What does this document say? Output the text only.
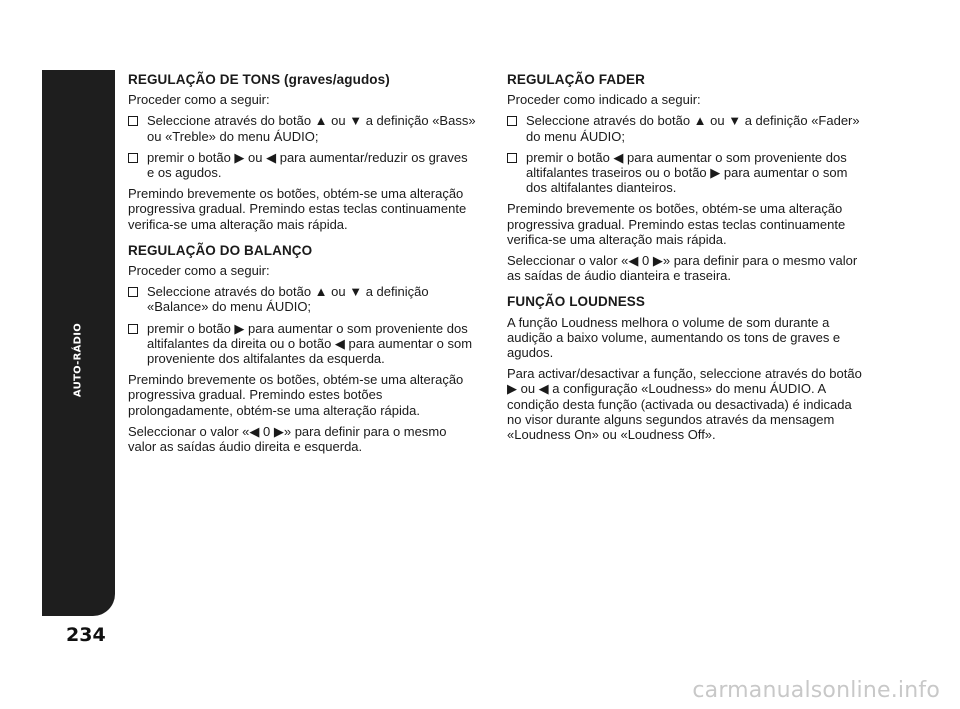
AUTO-RÁDIO
234
REGULAÇÃO DE TONS (graves/agudos)

Proceder como a seguir:

Seleccione através do botão ▲ ou ▼ a definição «Bass» ou «Treble» do menu ÁUDIO;
premir o botão ▶ ou ◀ para aumentar/reduzir os graves e os agudos.

Premindo brevemente os botões, obtém-se uma alteração progressiva gradual. Premindo estas teclas continuamente verifica-se uma alteração mais rápida.

REGULAÇÃO DO BALANÇO

Proceder como a seguir:

Seleccione através do botão ▲ ou ▼ a definição «Balance» do menu ÁUDIO;
premir o botão ▶ para aumentar o som proveniente dos altifalantes da direita ou o botão ◀ para aumentar o som proveniente dos altifalantes da esquerda.

Premindo brevemente os botões, obtém-se uma alteração progressiva gradual. Premindo estes botões prolongadamente, obtém-se uma alteração rápida.

Seleccionar o valor «◀ 0 ▶» para definir para o mesmo valor as saídas áudio direita e esquerda.

REGULAÇÃO FADER

Proceder como indicado a seguir:

Seleccione através do botão ▲ ou ▼ a definição «Fader» do menu ÁUDIO;
premir o botão ◀ para aumentar o som proveniente dos altifalantes traseiros ou o botão ▶ para aumentar o som dos altifalantes dianteiros.

Premindo brevemente os botões, obtém-se uma alteração progressiva gradual. Premindo estas teclas continuamente verifica-se uma alteração mais rápida.

Seleccionar o valor «◀ 0 ▶» para definir para o mesmo valor as saídas de áudio dianteira e traseira.

FUNÇÃO LOUDNESS

A função Loudness melhora o volume de som durante a audição a baixo volume, aumentando os tons de graves e agudos.

Para activar/desactivar a função, seleccione através do botão ▶ ou ◀ a configuração «Loudness» do menu ÁUDIO. A condição desta função (activada ou desactivada) é indicada no visor durante alguns segundos através da mensagem «Loudness On» ou «Loudness Off».

carmanualsonline.info
